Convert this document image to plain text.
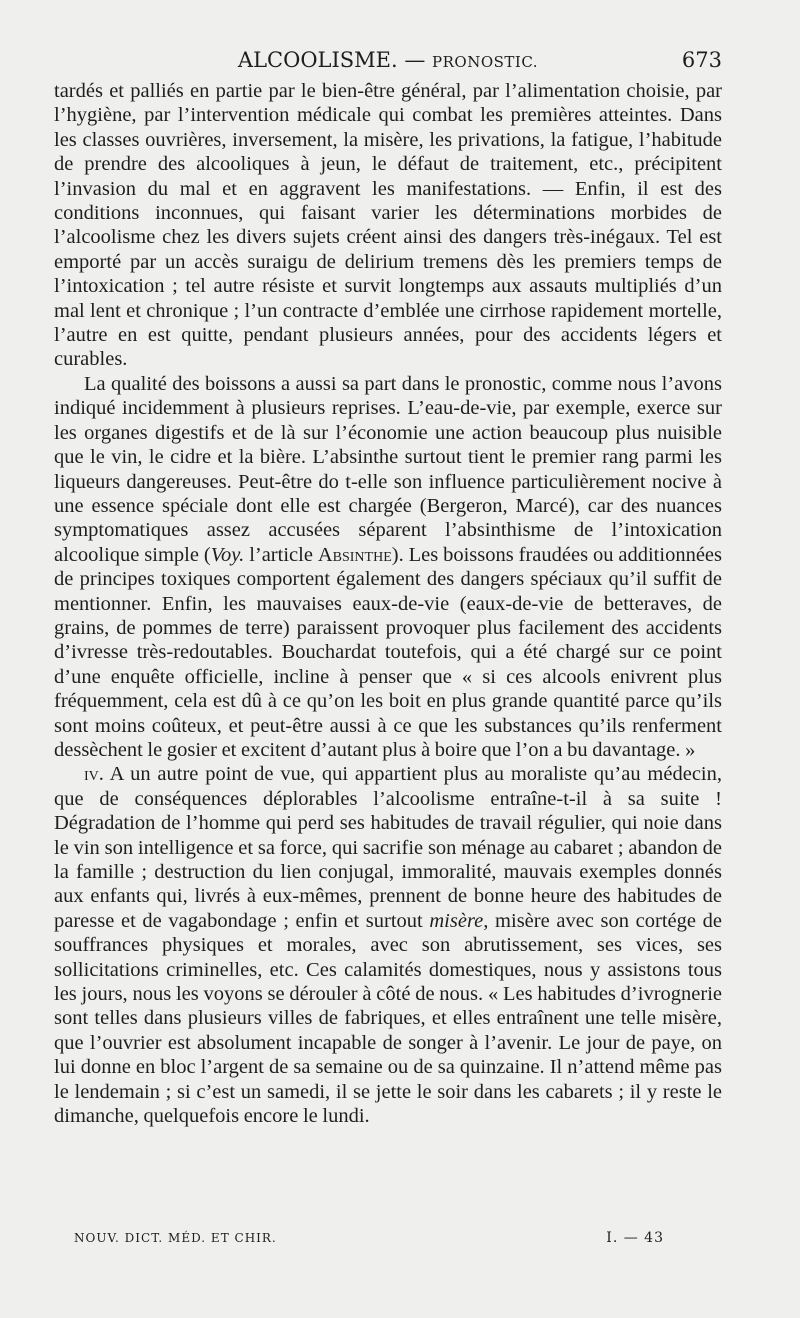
ALCOOLISME. — PRONOSTIC.	673

tardés et palliés en partie par le bien-être général, par l’alimentation choisie, par l’hygiène, par l’intervention médicale qui combat les premières atteintes. Dans les classes ouvrières, inversement, la misère, les privations, la fatigue, l’habitude de prendre des alcooliques à jeun, le défaut de traitement, etc., précipitent l’invasion du mal et en aggravent les manifestations. — Enfin, il est des conditions inconnues, qui faisant varier les déterminations morbides de l’alcoolisme chez les divers sujets créent ainsi des dangers très-inégaux. Tel est emporté par un accès suraigu de delirium tremens dès les premiers temps de l’intoxication ; tel autre résiste et survit longtemps aux assauts multipliés d’un mal lent et chronique ; l’un contracte d’emblée une cirrhose rapidement mortelle, l’autre en est quitte, pendant plusieurs années, pour des accidents légers et curables.

La qualité des boissons a aussi sa part dans le pronostic, comme nous l’avons indiqué incidemment à plusieurs reprises. L’eau-de-vie, par exemple, exerce sur les organes digestifs et de là sur l’économie une action beaucoup plus nuisible que le vin, le cidre et la bière. L’absinthe surtout tient le premier rang parmi les liqueurs dangereuses. Peut-être do t-elle son influence particulièrement nocive à une essence spéciale dont elle est chargée (Bergeron, Marcé), car des nuances symptomatiques assez accusées séparent l’absinthisme de l’intoxication alcoolique simple (Voy. l’article Absinthe). Les boissons fraudées ou additionnées de principes toxiques comportent également des dangers spéciaux qu’il suffit de mentionner. Enfin, les mauvaises eaux-de-vie (eaux-de-vie de betteraves, de grains, de pommes de terre) paraissent provoquer plus facilement des accidents d’ivresse très-redoutables. Bouchardat toutefois, qui a été chargé sur ce point d’une enquête officielle, incline à penser que « si ces alcools enivrent plus fréquemment, cela est dû à ce qu’on les boit en plus grande quantité parce qu’ils sont moins coûteux, et peut-être aussi à ce que les substances qu’ils renferment dessèchent le gosier et excitent d’autant plus à boire que l’on a bu davantage. »

iv. A un autre point de vue, qui appartient plus au moraliste qu’au médecin, que de conséquences déplorables l’alcoolisme entraîne-t-il à sa suite ! Dégradation de l’homme qui perd ses habitudes de travail régulier, qui noie dans le vin son intelligence et sa force, qui sacrifie son ménage au cabaret ; abandon de la famille ; destruction du lien conjugal, immoralité, mauvais exemples donnés aux enfants qui, livrés à eux-mêmes, prennent de bonne heure des habitudes de paresse et de vagabondage ; enfin et surtout misère, misère avec son cortége de souffrances physiques et morales, avec son abrutissement, ses vices, ses sollicitations criminelles, etc. Ces calamités domestiques, nous y assistons tous les jours, nous les voyons se dérouler à côté de nous. « Les habitudes d’ivrognerie sont telles dans plusieurs villes de fabriques, et elles entraînent une telle misère, que l’ouvrier est absolument incapable de songer à l’avenir. Le jour de paye, on lui donne en bloc l’argent de sa semaine ou de sa quinzaine. Il n’attend même pas le lendemain ; si c’est un samedi, il se jette le soir dans les cabarets ; il y reste le dimanche, quelquefois encore le lundi.

NOUV. DICT. MÉD. ET CHIR.	I. — 43
